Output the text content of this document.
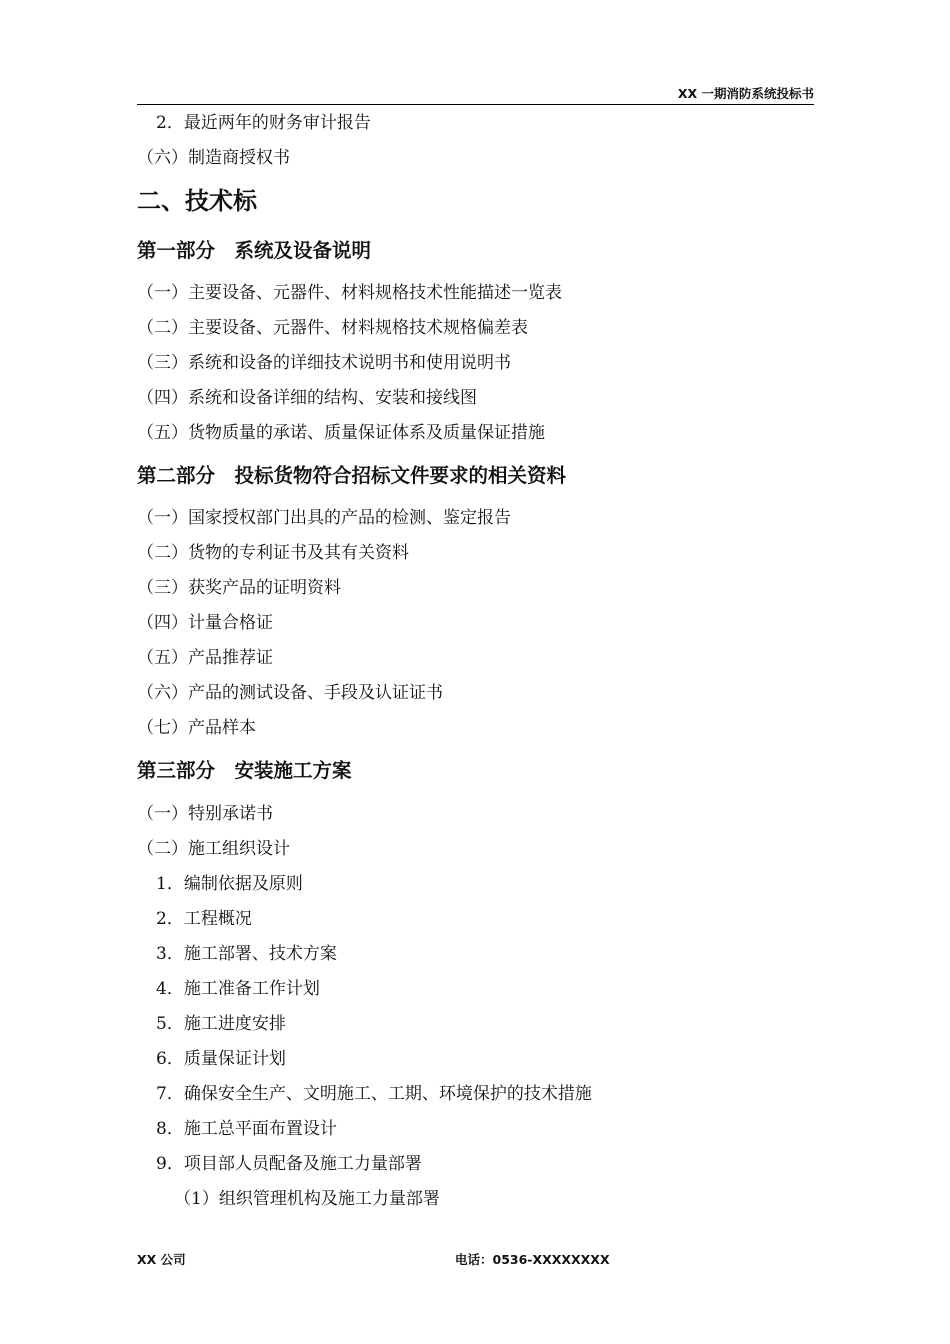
XX 一期消防系统投标书
2．最近两年的财务审计报告
（六）制造商授权书
二、技术标
第一部分　系统及设备说明
（一）主要设备、元器件、材料规格技术性能描述一览表
（二）主要设备、元器件、材料规格技术规格偏差表
（三）系统和设备的详细技术说明书和使用说明书
（四）系统和设备详细的结构、安装和接线图
（五）货物质量的承诺、质量保证体系及质量保证措施
第二部分　投标货物符合招标文件要求的相关资料
（一）国家授权部门出具的产品的检测、鉴定报告
（二）货物的专利证书及其有关资料
（三）获奖产品的证明资料
（四）计量合格证
（五）产品推荐证
（六）产品的测试设备、手段及认证证书
（七）产品样本
第三部分　安装施工方案
（一）特别承诺书
（二）施工组织设计
1．编制依据及原则
2．工程概况
3．施工部署、技术方案
4．施工准备工作计划
5．施工进度安排
6．质量保证计划
7．确保安全生产、文明施工、工期、环境保护的技术措施
8．施工总平面布置设计
9．项目部人员配备及施工力量部署
（1）组织管理机构及施工力量部署
XX 公司	电话：0536-XXXXXXXX
